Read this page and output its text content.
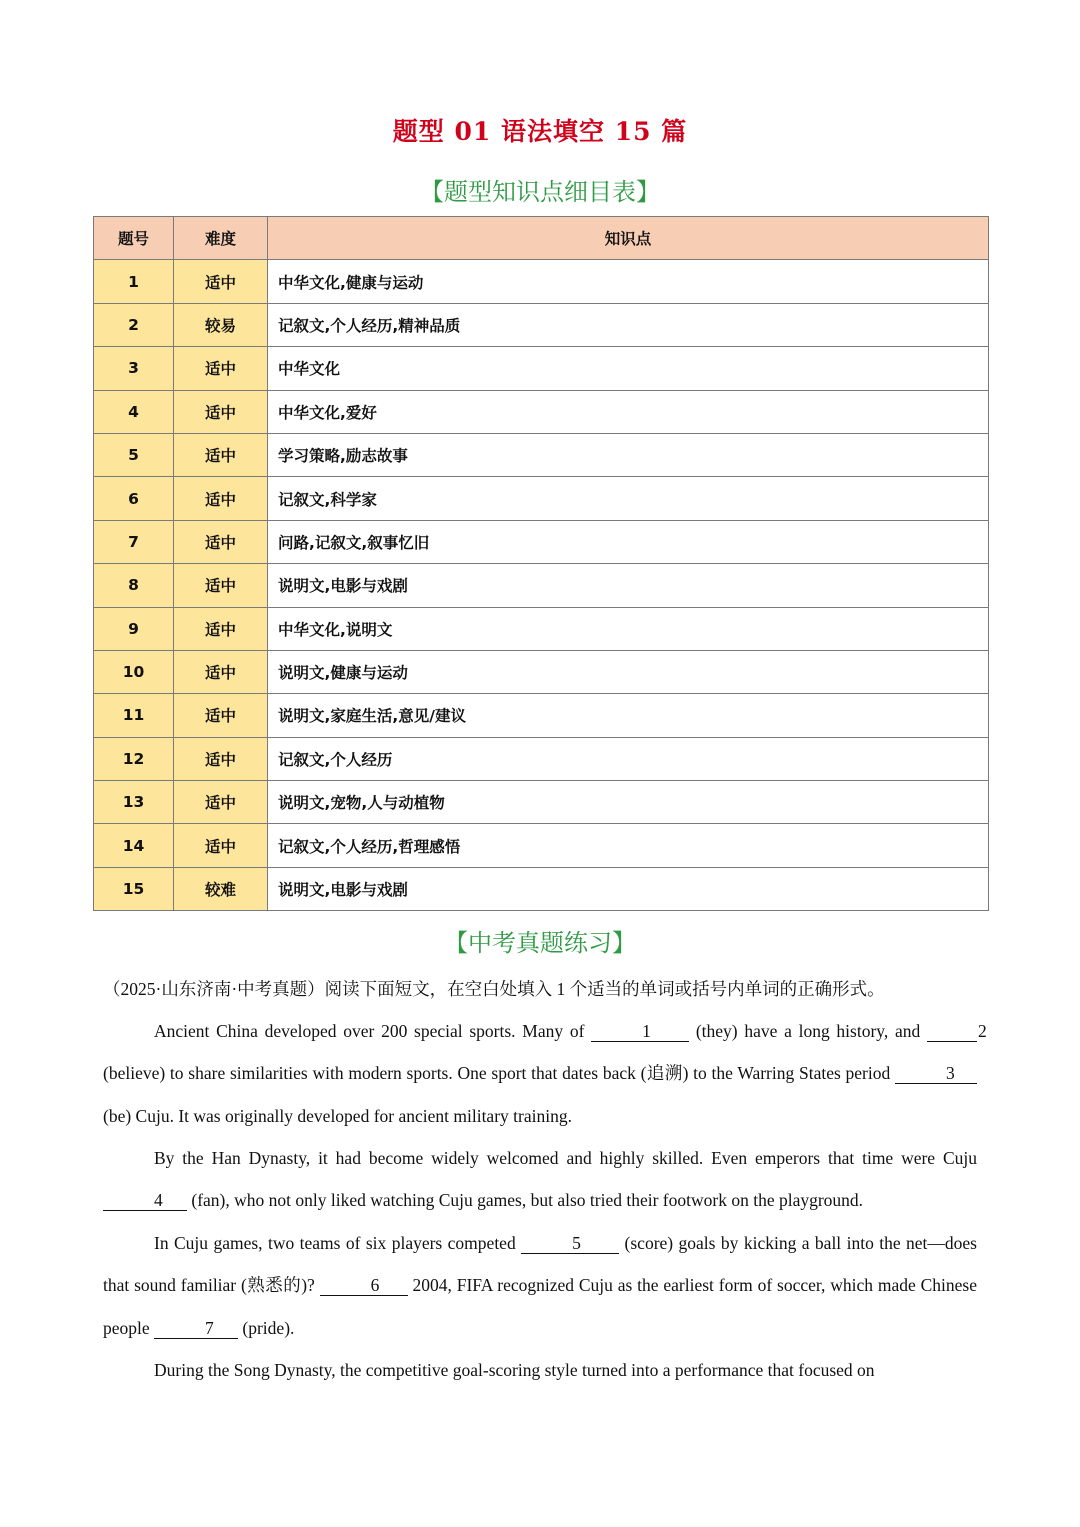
题型 01 语法填空 15 篇
【题型知识点细目表】
题号	难度	知识点
1	适中	中华文化,健康与运动
2	较易	记叙文,个人经历,精神品质
3	适中	中华文化
4	适中	中华文化,爱好
5	适中	学习策略,励志故事
6	适中	记叙文,科学家
7	适中	问路,记叙文,叙事忆旧
8	适中	说明文,电影与戏剧
9	适中	中华文化,说明文
10	适中	说明文,健康与运动
11	适中	说明文,家庭生活,意见/建议
12	适中	记叙文,个人经历
13	适中	说明文,宠物,人与动植物
14	适中	记叙文,个人经历,哲理感悟
15	较难	说明文,电影与戏剧
【中考真题练习】
（2025·山东济南·中考真题）阅读下面短文，在空白处填入 1 个适当的单词或括号内单词的正确形式。
Ancient China developed over 200 special sports. Many of	1 (they) have a long history, and	2 (believe) to share similarities with modern sports. One sport that dates back (追溯) to the Warring States period	3 (be) Cuju. It was originally developed for ancient military training.
By the Han Dynasty, it had become widely welcomed and highly skilled. Even emperors that time were Cuju 4 (fan), who not only liked watching Cuju games, but also tried their footwork on the playground.
In Cuju games, two teams of six players competed	5 (score) goals by kicking a ball into the net—does that sound familiar (熟悉的)?	6 2004, FIFA recognized Cuju as the earliest form of soccer, which made Chinese people	7 (pride).
During the Song Dynasty, the competitive goal-scoring style turned into a performance that focused on
